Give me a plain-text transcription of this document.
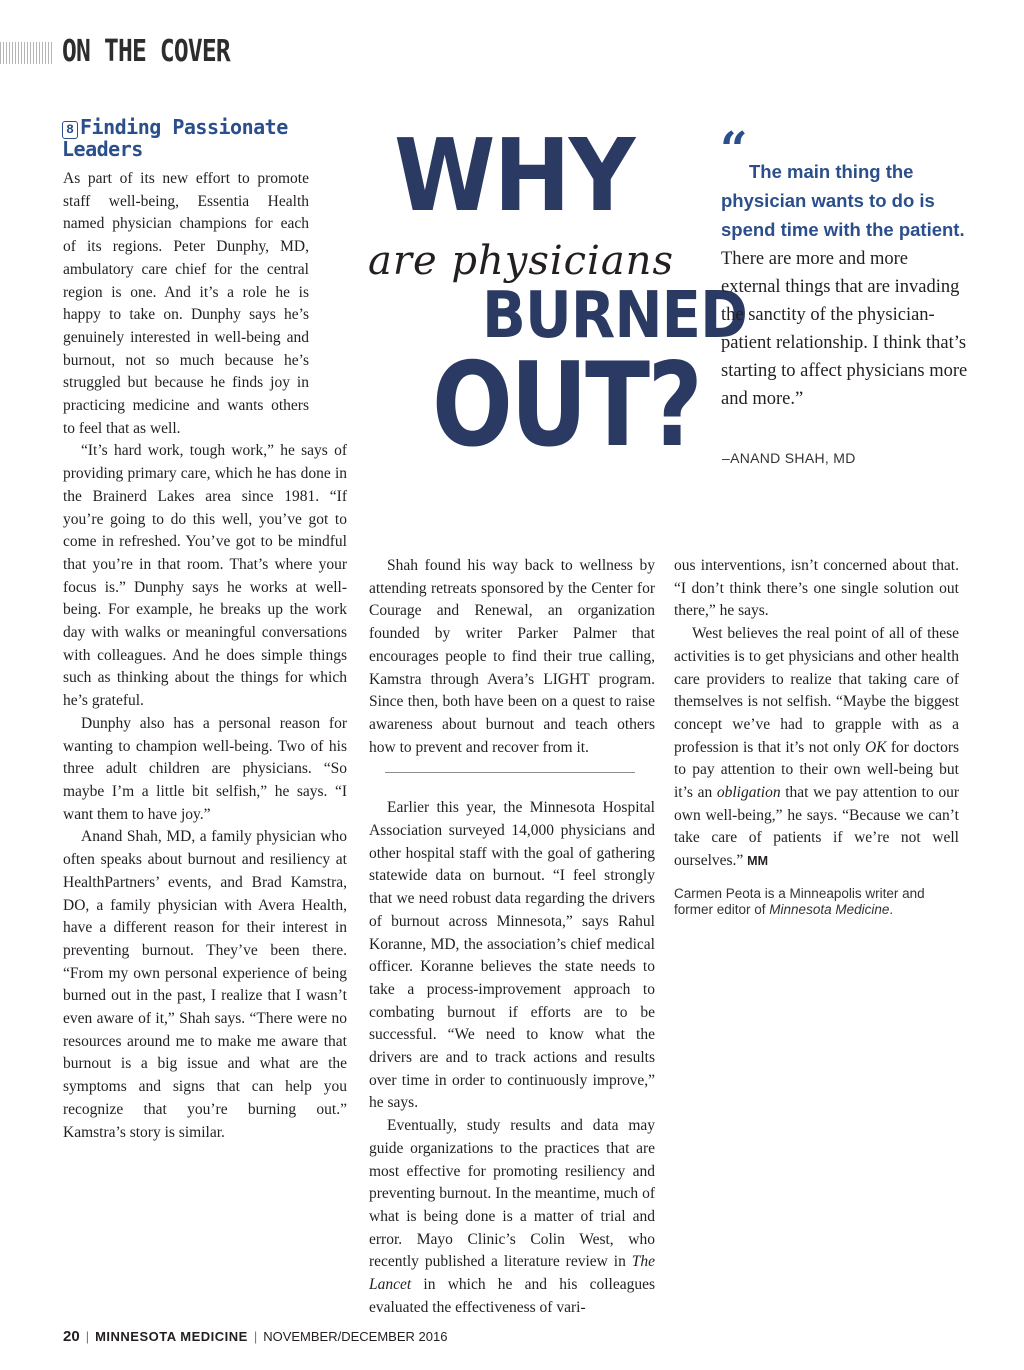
ON THE COVER
8 Finding Passionate Leaders

As part of its new effort to promote staff well-being, Essentia Health named physician champions for each of its regions. Peter Dunphy, MD, ambulatory care chief for the central region is one. And it’s a role he is happy to take on. Dunphy says he’s genuinely interested in well-being and burnout, not so much because he’s struggled but because he finds joy in practicing medicine and wants others to feel that as well.

“It’s hard work, tough work,” he says of providing primary care, which he has done in the Brainerd Lakes area since 1981. “If you’re going to do this well, you’ve got to come in refreshed. You’ve got to be mindful that you’re in that room. That’s where your focus is.” Dunphy says he works at well-being. For example, he breaks up the work day with walks or meaningful conversations with colleagues. And he does simple things such as thinking about the things for which he’s grateful.

Dunphy also has a personal reason for wanting to champion well-being. Two of his three adult children are physicians. “So maybe I’m a little bit selfish,” he says. “I want them to have joy.”

Anand Shah, MD, a family physician who often speaks about burnout and resiliency at HealthPartners’ events, and Brad Kamstra, DO, a family physician with Avera Health, have a different reason for their interest in preventing burnout. They’ve been there. “From my own personal experience of being burned out in the past, I realize that I wasn’t even aware of it,” Shah says. “There were no resources around me to make me aware that burnout is a big issue and what are the symptoms and signs that can help you recognize that you’re burning out.” Kamstra’s story is similar.

WHY
are physicians
BURNED
OUT?
“ The main thing the physician wants to do is spend time with the patient. There are more and more external things that are invading the sanctity of the physician-patient relationship. I think that’s starting to affect physicians more and more.”

–ANAND SHAH, MD

Shah found his way back to wellness by attending retreats sponsored by the Center for Courage and Renewal, an organization founded by writer Parker Palmer that encourages people to find their true calling, Kamstra through Avera’s LIGHT program. Since then, both have been on a quest to raise awareness about burnout and teach others how to prevent and recover from it.

Earlier this year, the Minnesota Hospital Association surveyed 14,000 physicians and other hospital staff with the goal of gathering statewide data on burnout. “I feel strongly that we need robust data regarding the drivers of burnout across Minnesota,” says Rahul Koranne, MD, the association’s chief medical officer. Koranne believes the state needs to take a process-improvement approach to combating burnout if efforts are to be successful. “We need to know what the drivers are and to track actions and results over time in order to continuously improve,” he says.

Eventually, study results and data may guide organizations to the practices that are most effective for promoting resiliency and preventing burnout. In the meantime, much of what is being done is a matter of trial and error. Mayo Clinic’s Colin West, who recently published a literature review in The Lancet in which he and his colleagues evaluated the effectiveness of vari-

ous interventions, isn’t concerned about that. “I don’t think there’s one single solution out there,” he says.

West believes the real point of all of these activities is to get physicians and other health care providers to realize that taking care of themselves is not selfish. “Maybe the biggest concept we’ve had to grapple with as a profession is that it’s not only OK for doctors to pay attention to their own well-being but it’s an obligation that we pay attention to our own well-being,” he says. “Because we can’t take care of patients if we’re not well ourselves.” MM

Carmen Peota is a Minneapolis writer and former editor of Minnesota Medicine.

20 | MINNESOTA MEDICINE | NOVEMBER/DECEMBER 2016
